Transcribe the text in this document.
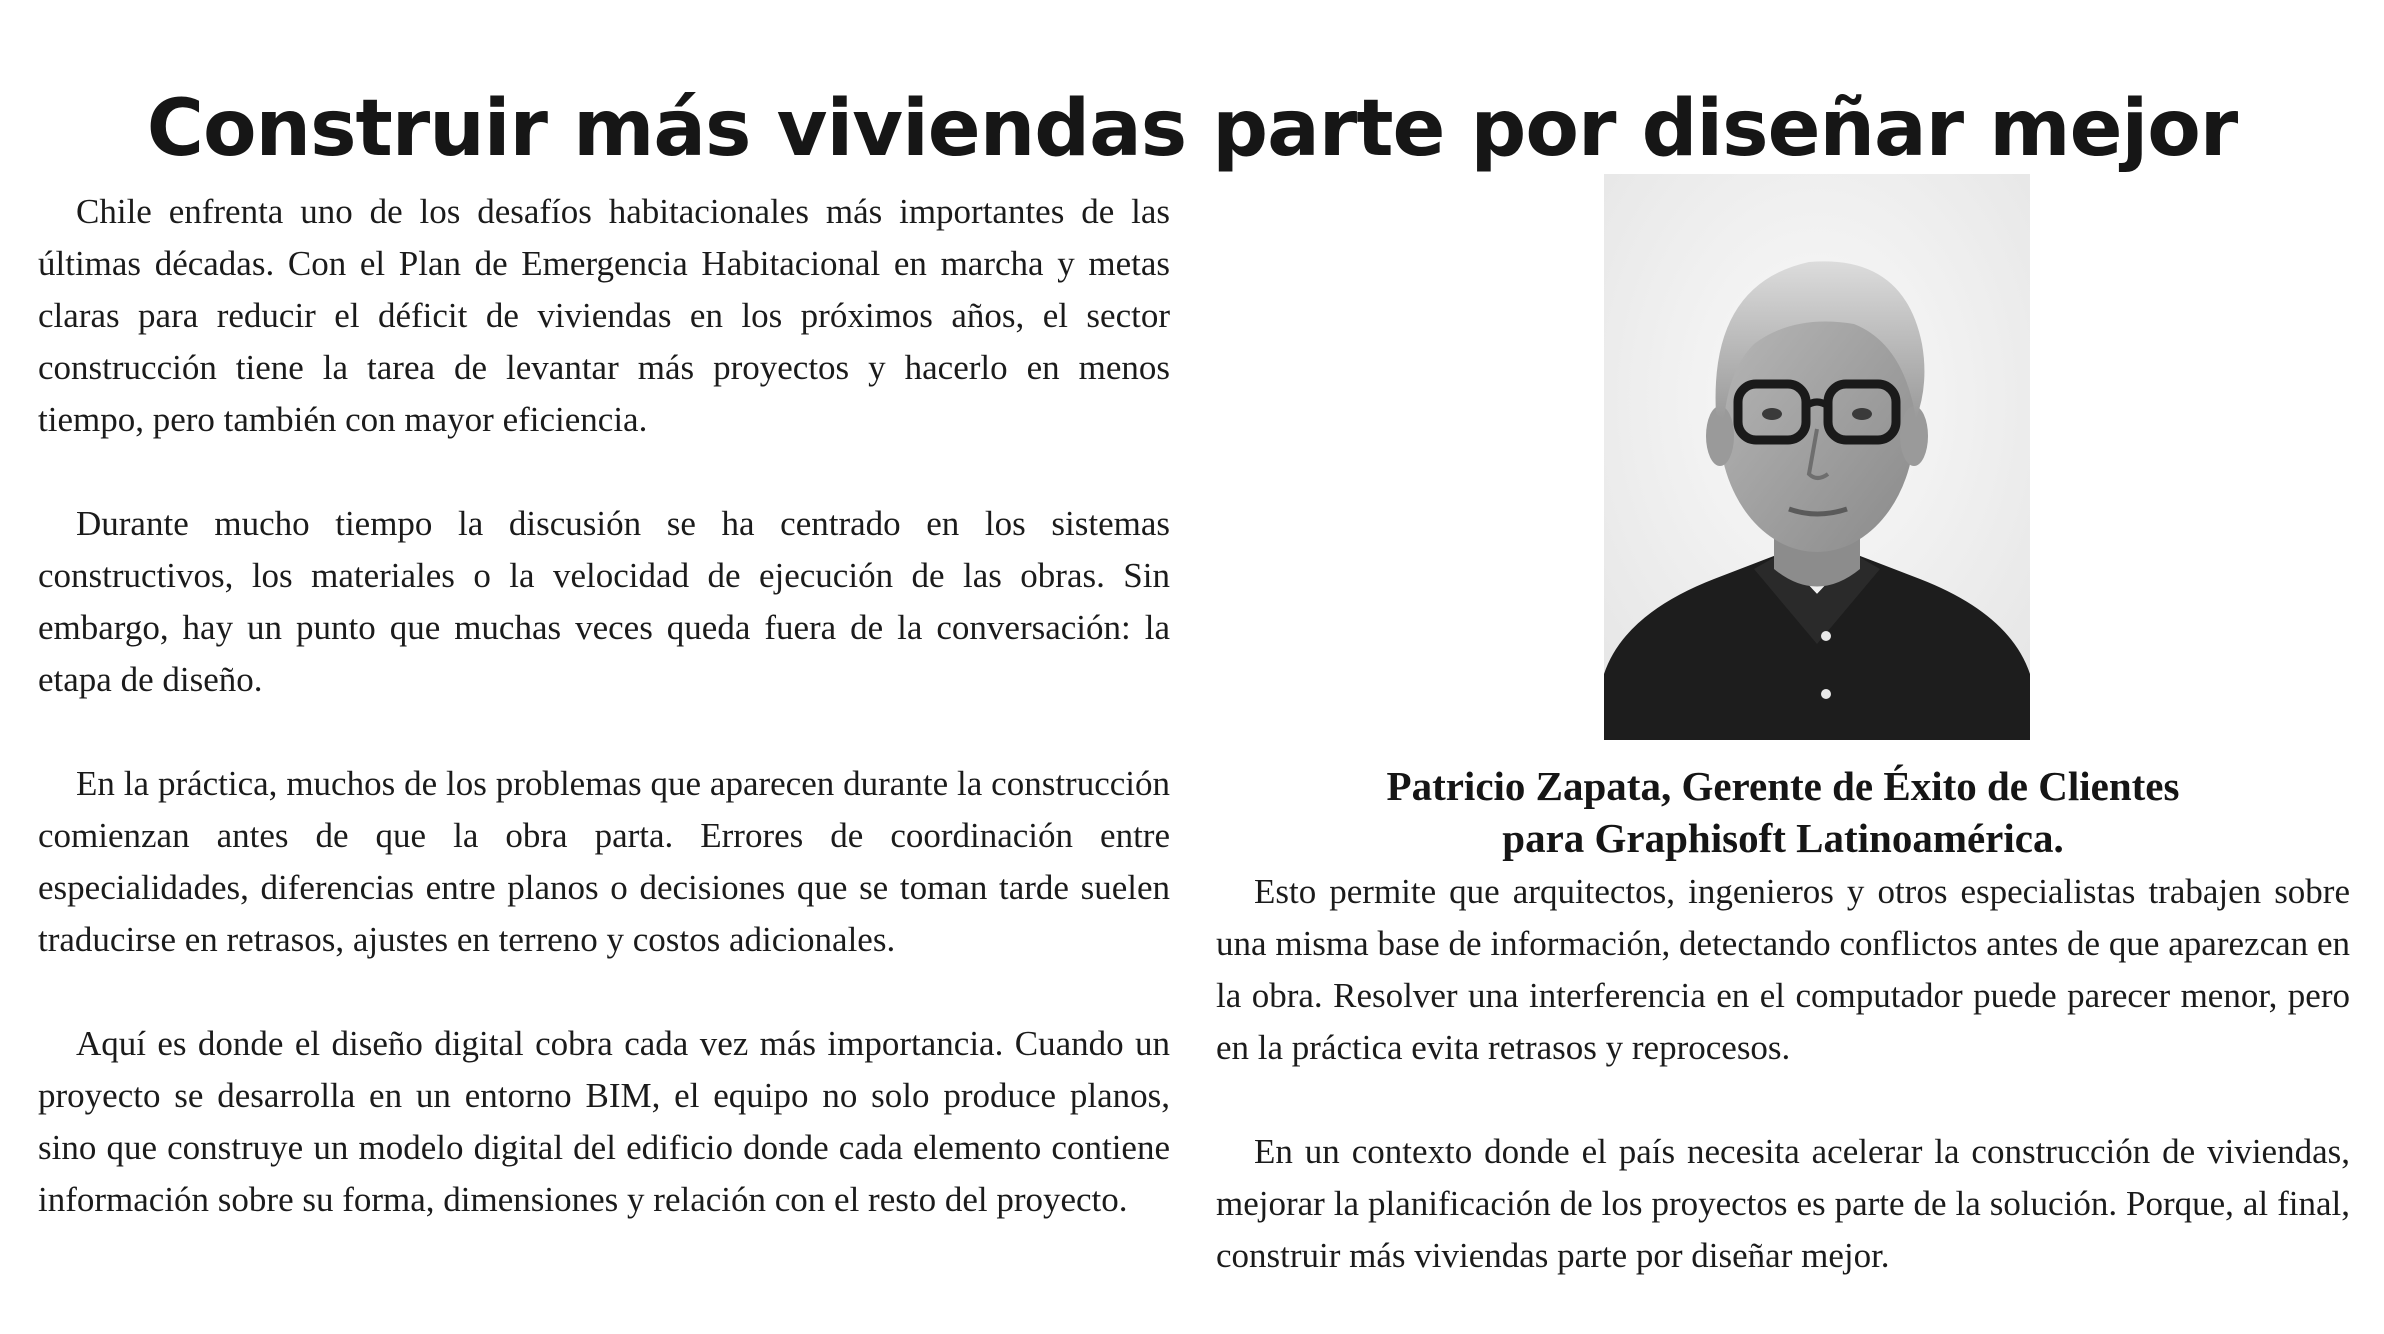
Construir más viviendas parte por diseñar mejor

Chile enfrenta uno de los desafíos habitacionales más importantes de las últimas décadas. Con el Plan de Emergencia Habitacional en marcha y metas claras para reducir el déficit de viviendas en los próximos años, el sector construcción tiene la tarea de levantar más proyectos y hacerlo en menos tiempo, pero también con mayor eficiencia.

Durante mucho tiempo la discusión se ha centrado en los sistemas constructivos, los materiales o la velocidad de ejecución de las obras. Sin embargo, hay un punto que muchas veces queda fuera de la conversación: la etapa de diseño.

En la práctica, muchos de los problemas que aparecen durante la construcción comienzan antes de que la obra parta. Errores de coordinación entre especialidades, diferencias entre planos o decisiones que se toman tarde suelen traducirse en retrasos, ajustes en terreno y costos adicionales.

Aquí es donde el diseño digital cobra cada vez más importancia. Cuando un proyecto se desarrolla en un entorno BIM, el equipo no solo produce planos, sino que construye un modelo digital del edificio donde cada elemento contiene información sobre su forma, dimensiones y relación con el resto del proyecto.

Patricio Zapata, Gerente de Éxito de Clientes
para Graphisoft Latinoamérica.

Esto permite que arquitectos, ingenieros y otros especialistas trabajen sobre una misma base de información, detectando conflictos antes de que aparezcan en la obra. Resolver una interferencia en el computador puede parecer menor, pero en la práctica evita retrasos y reprocesos.

En un contexto donde el país necesita acelerar la construcción de viviendas, mejorar la planificación de los proyectos es parte de la solución. Porque, al final, construir más viviendas parte por diseñar mejor.
